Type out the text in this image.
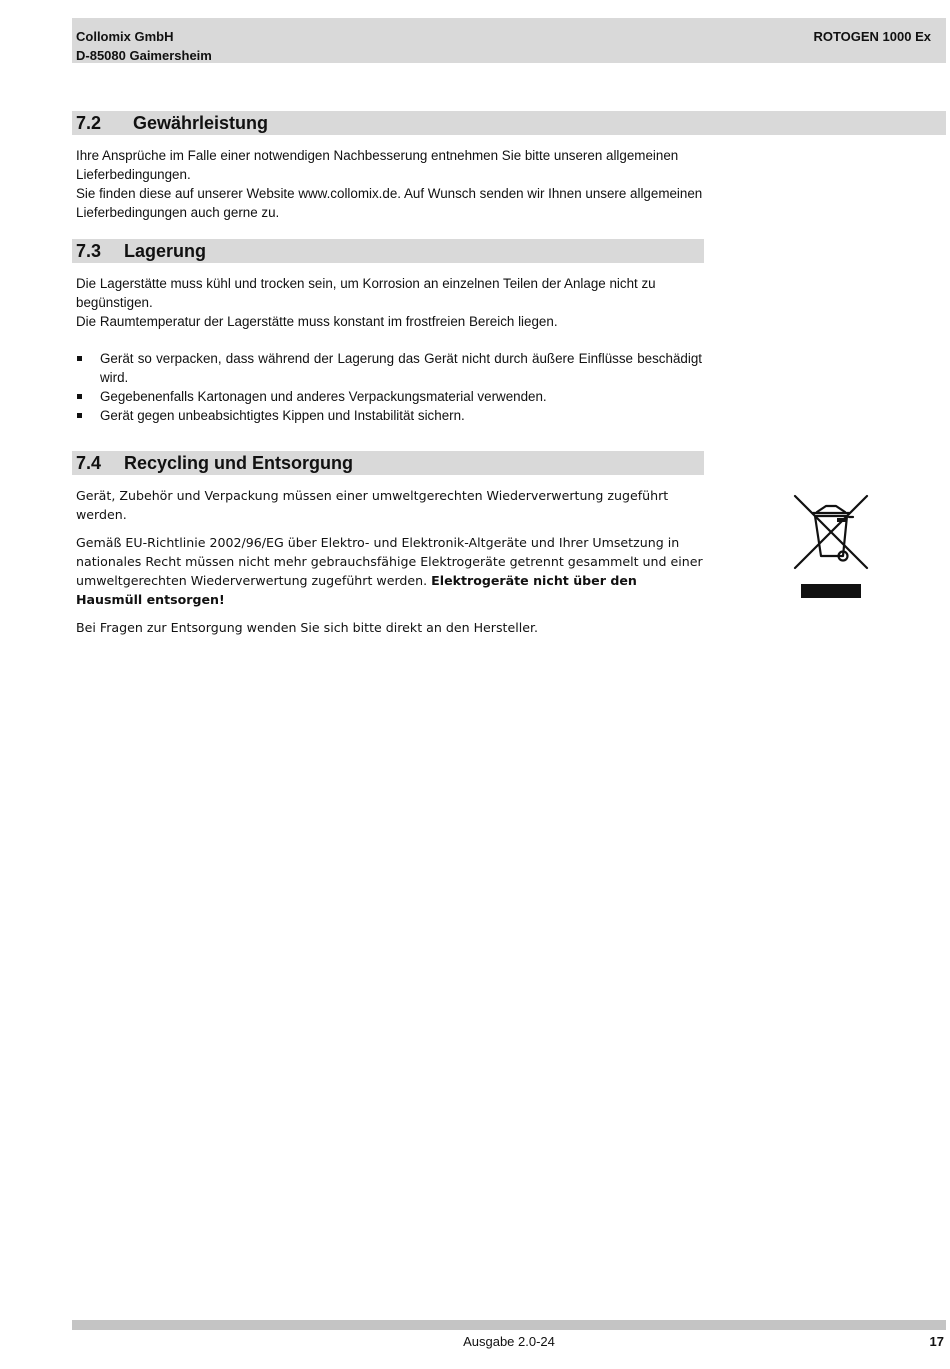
Collomix GmbH
D-85080 Gaimersheim
ROTOGEN 1000 Ex
7.2 Gewährleistung
Ihre Ansprüche im Falle einer notwendigen Nachbesserung entnehmen Sie bitte unseren allgemeinen Lieferbedingungen.
Sie finden diese auf unserer Website www.collomix.de. Auf Wunsch senden wir Ihnen unsere allgemeinen Lieferbedingungen auch gerne zu.
7.3 Lagerung
Die Lagerstätte muss kühl und trocken sein, um Korrosion an einzelnen Teilen der Anlage nicht zu begünstigen.
Die Raumtemperatur der Lagerstätte muss konstant im frostfreien Bereich liegen.
Gerät so verpacken, dass während der Lagerung das Gerät nicht durch äußere Einflüsse beschädigt wird.
Gegebenenfalls Kartonagen und anderes Verpackungsmaterial verwenden.
Gerät gegen unbeabsichtigtes Kippen und Instabilität sichern.
7.4 Recycling und Entsorgung
Gerät, Zubehör und Verpackung müssen einer umweltgerechten Wiederverwertung zugeführt werden.
Gemäß EU-Richtlinie 2002/96/EG über Elektro- und Elektronik-Altgeräte und Ihrer Umsetzung in nationales Recht müssen nicht mehr gebrauchsfähige Elektrogeräte getrennt gesammelt und einer umweltgerechten Wiederverwertung zugeführt werden. Elektrogeräte nicht über den Hausmüll entsorgen!
Bei Fragen zur Entsorgung wenden Sie sich bitte direkt an den Hersteller.
Ausgabe 2.0-24	17
